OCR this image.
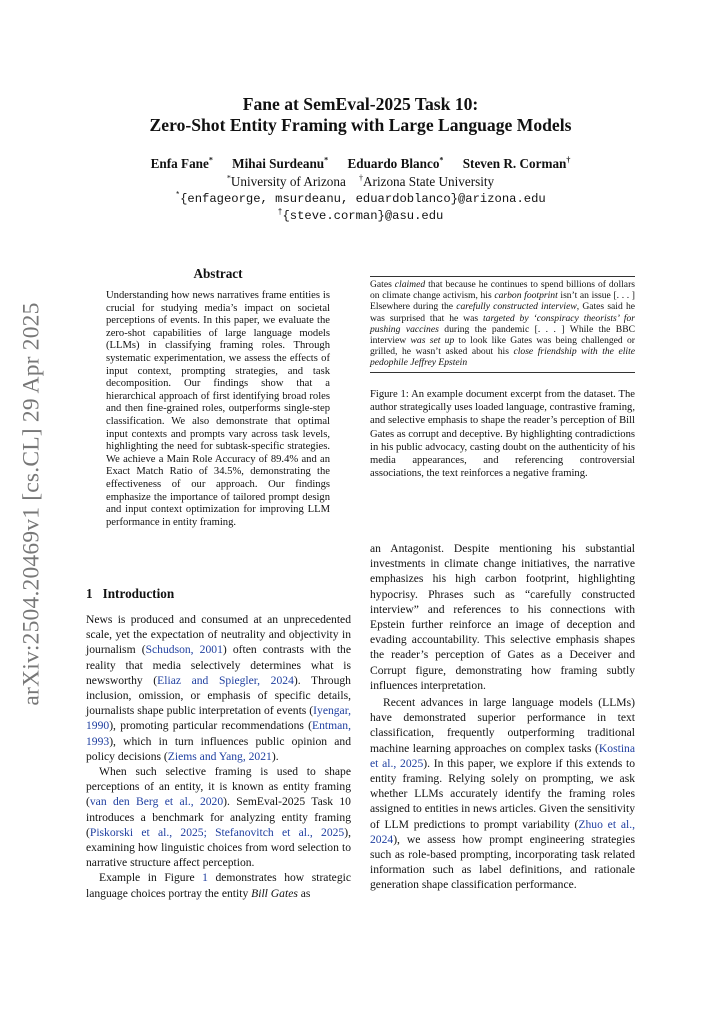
arXiv:2504.20469v1 [cs.CL] 29 Apr 2025
Fane at SemEval-2025 Task 10:
Zero-Shot Entity Framing with Large Language Models
Enfa Fane* Mihai Surdeanu* Eduardo Blanco* Steven R. Corman†
*University of Arizona †Arizona State University
*{enfageorge, msurdeanu, eduardoblanco}@arizona.edu
†{steve.corman}@asu.edu
Abstract
Understanding how news narratives frame entities is crucial for studying media’s impact on societal perceptions of events. In this paper, we evaluate the zero-shot capabilities of large language models (LLMs) in classifying framing roles. Through systematic experimentation, we assess the effects of input context, prompting strategies, and task decomposition. Our findings show that a hierarchical approach of first identifying broad roles and then fine-grained roles, outperforms single-step classification. We also demonstrate that optimal input contexts and prompts vary across task levels, highlighting the need for subtask-specific strategies. We achieve a Main Role Accuracy of 89.4% and an Exact Match Ratio of 34.5%, demonstrating the effectiveness of our approach. Our findings emphasize the importance of tailored prompt design and input context optimization for improving LLM performance in entity framing.
1 Introduction

News is produced and consumed at an unprecedented scale, yet the expectation of neutrality and objectivity in journalism (Schudson, 2001) often contrasts with the reality that media selectively determines what is newsworthy (Eliaz and Spiegler, 2024). Through inclusion, omission, or emphasis of specific details, journalists shape public interpretation of events (Iyengar, 1990), promoting particular recommendations (Entman, 1993), which in turn influences public opinion and policy decisions (Ziems and Yang, 2021).

When such selective framing is used to shape perceptions of an entity, it is known as entity framing (van den Berg et al., 2020). SemEval-2025 Task 10 introduces a benchmark for analyzing entity framing (Piskorski et al., 2025; Stefanovitch et al., 2025), examining how linguistic choices from word selection to narrative structure affect perception.

Example in Figure 1 demonstrates how strategic language choices portray the entity Bill Gates as

Gates claimed that because he continues to spend billions of dollars on climate change activism, his carbon footprint isn’t an issue [. . . ] Elsewhere during the carefully constructed interview, Gates said he was surprised that he was targeted by ‘conspiracy theorists’ for pushing vaccines during the pandemic [. . . ] While the BBC interview was set up to look like Gates was being challenged or grilled, he wasn’t asked about his close friendship with the elite pedophile Jeffrey Epstein
Figure 1: An example document excerpt from the dataset. The author strategically uses loaded language, contrastive framing, and selective emphasis to shape the reader’s perception of Bill Gates as corrupt and deceptive. By highlighting contradictions in his public advocacy, casting doubt on the authenticity of his media appearances, and referencing controversial associations, the text reinforces a negative framing.

an Antagonist. Despite mentioning his substantial investments in climate change initiatives, the narrative emphasizes his high carbon footprint, highlighting hypocrisy. Phrases such as “carefully constructed interview” and references to his connections with Epstein further reinforce an image of deception and evading accountability. This selective emphasis shapes the reader’s perception of Gates as a Deceiver and Corrupt figure, demonstrating how framing subtly influences interpretation.

Recent advances in large language models (LLMs) have demonstrated superior performance in text classification, frequently outperforming traditional machine learning approaches on complex tasks (Kostina et al., 2025). In this paper, we explore if this extends to entity framing. Relying solely on prompting, we ask whether LLMs accurately identify the framing roles assigned to entities in news articles. Given the sensitivity of LLM predictions to prompt variability (Zhuo et al., 2024), we assess how prompt engineering strategies such as role-based prompting, incorporating task related information such as label definitions, and rationale generation shape classification performance.
